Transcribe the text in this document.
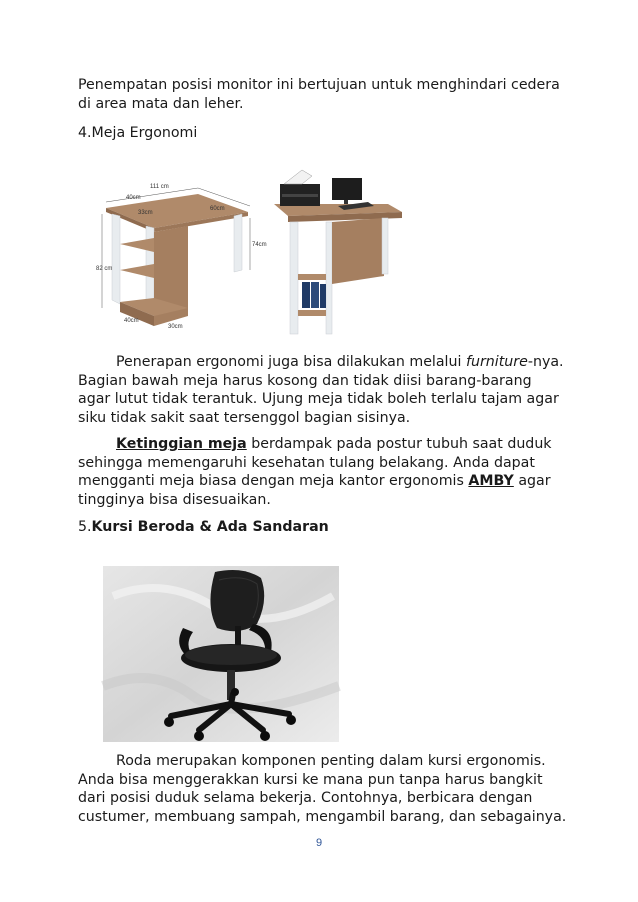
Penempatan posisi monitor ini bertujuan untuk menghindari cedera di area mata dan leher.

4.Meja Ergonomi

111 cm
40cm
33cm
60cm
74cm
82 cm
40cm
30cm

Penerapan ergonomi juga bisa dilakukan melalui furniture-nya. Bagian bawah meja harus kosong dan tidak diisi barang-barang agar lutut tidak terantuk. Ujung meja tidak boleh terlalu tajam agar siku tidak sakit saat tersenggol bagian sisinya.

Ketinggian meja berdampak pada postur tubuh saat duduk sehingga memengaruhi kesehatan tulang belakang. Anda dapat mengganti meja biasa dengan meja kantor ergonomis AMBY agar tingginya bisa disesuaikan.

5.Kursi Beroda & Ada Sandaran

Roda merupakan komponen penting dalam kursi ergonomis. Anda bisa menggerakkan kursi ke mana pun tanpa harus bangkit dari posisi duduk selama bekerja. Contohnya, berbicara dengan custumer, membuang sampah, mengambil barang, dan sebagainya.

9
